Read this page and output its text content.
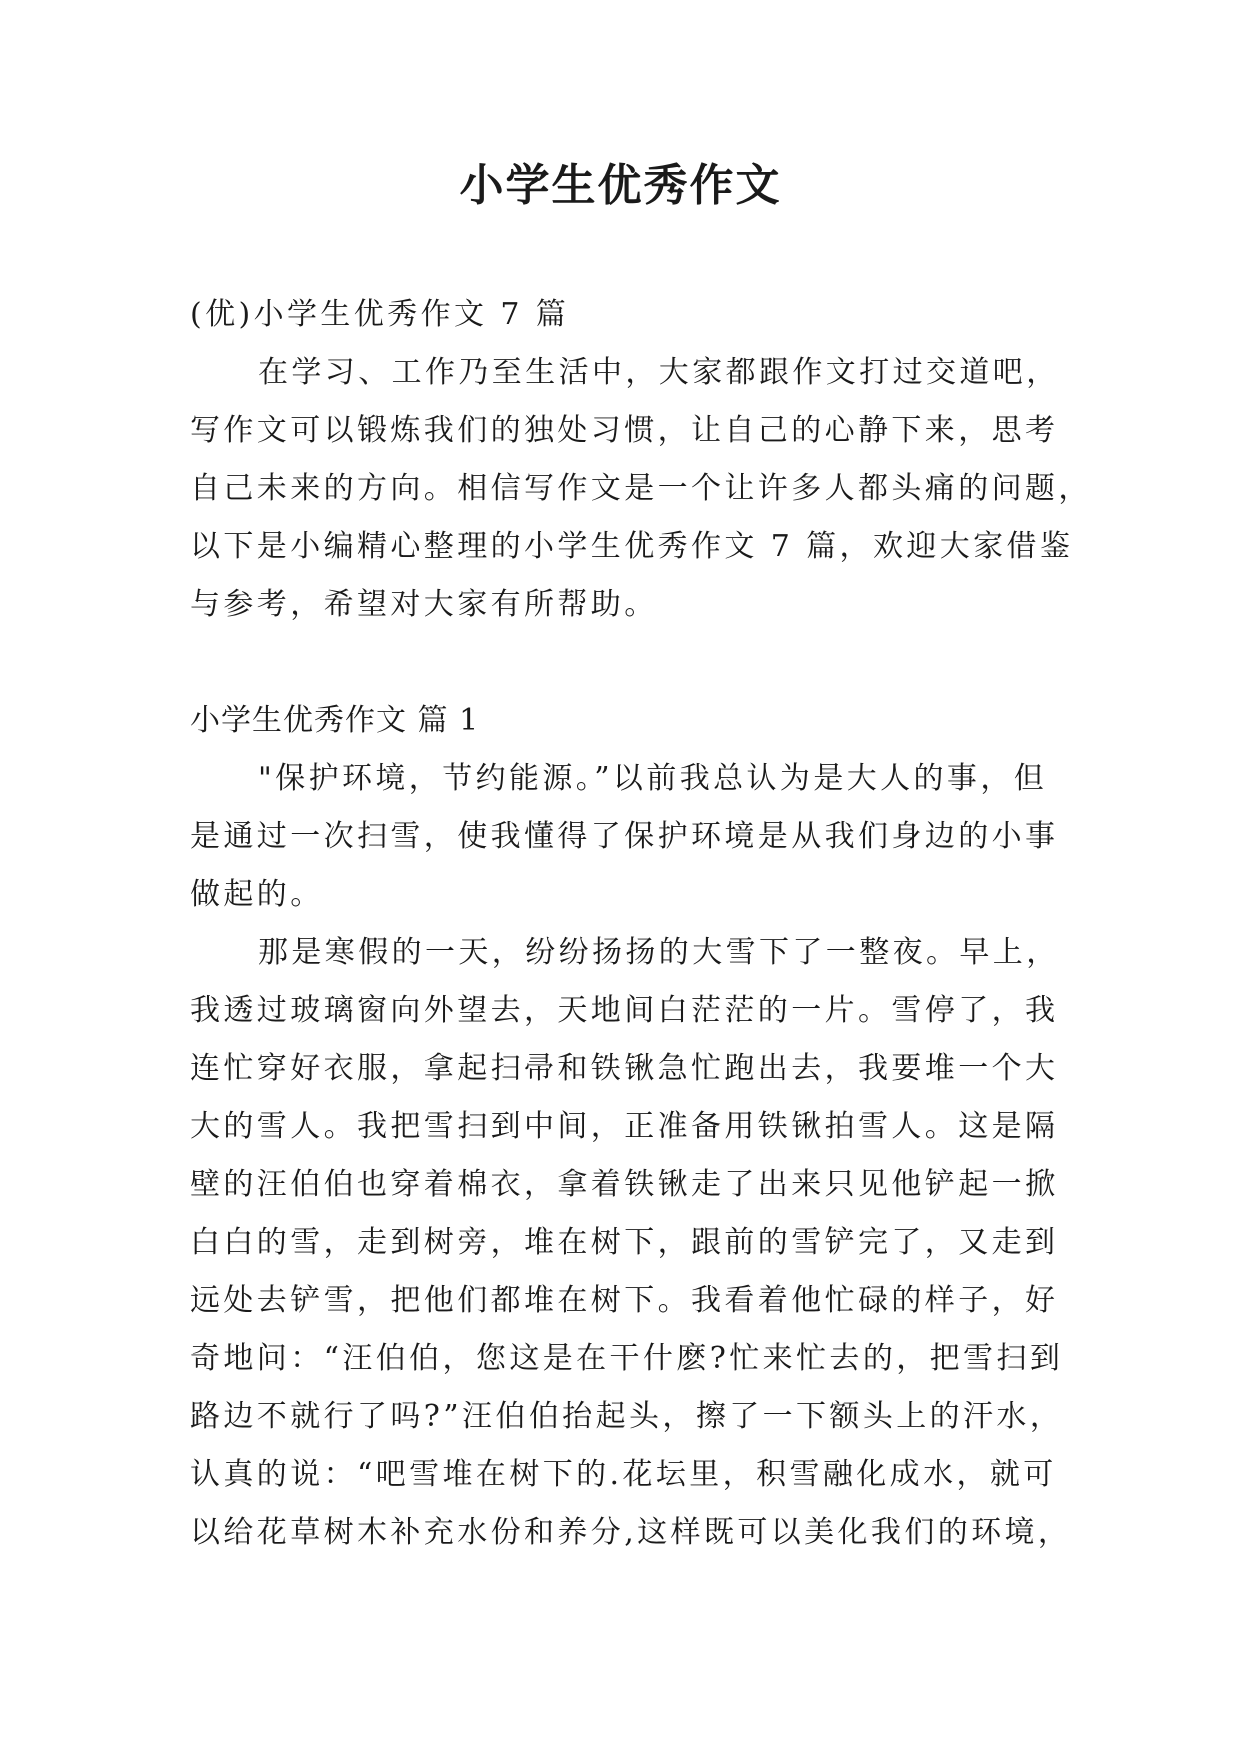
小学生优秀作文
(优)小学生优秀作文 7 篇
在学习、工作乃至生活中，大家都跟作文打过交道吧，
写作文可以锻炼我们的独处习惯，让自己的心静下来，思考
自己未来的方向。相信写作文是一个让许多人都头痛的问题，
以下是小编精心整理的小学生优秀作文 7 篇，欢迎大家借鉴
与参考，希望对大家有所帮助。
小学生优秀作文 篇 1
"保护环境，节约能源。”以前我总认为是大人的事，但
是通过一次扫雪，使我懂得了保护环境是从我们身边的小事
做起的。
那是寒假的一天，纷纷扬扬的大雪下了一整夜。早上，
我透过玻璃窗向外望去，天地间白茫茫的一片。雪停了，我
连忙穿好衣服，拿起扫帚和铁锹急忙跑出去，我要堆一个大
大的雪人。我把雪扫到中间，正准备用铁锹拍雪人。这是隔
壁的汪伯伯也穿着棉衣，拿着铁锹走了出来只见他铲起一掀
白白的雪，走到树旁，堆在树下，跟前的雪铲完了，又走到
远处去铲雪，把他们都堆在树下。我看着他忙碌的样子，好
奇地问：“汪伯伯，您这是在干什麽?忙来忙去的，把雪扫到
路边不就行了吗?”汪伯伯抬起头，擦了一下额头上的汗水，
认真的说：“吧雪堆在树下的.花坛里，积雪融化成水，就可
以给花草树木补充水份和养分,这样既可以美化我们的环境，
